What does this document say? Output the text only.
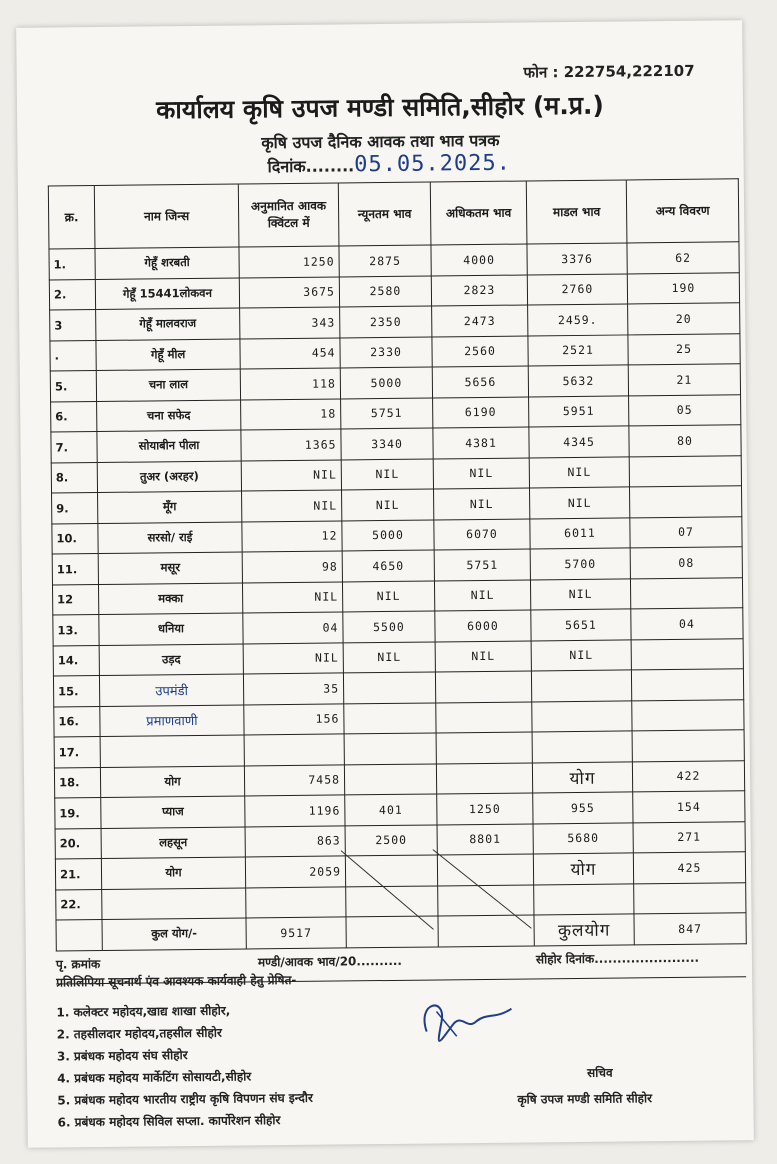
फोन : 222754,222107
कार्यालय कृषि उपज मण्डी समिति,सीहोर (म.प्र.)
कृषि उपज दैनिक आवक तथा भाव पत्रक
दिनांक........05.05.2025.
क्र.	नाम जिन्स	अनुमानित आवक क्विंटल में	न्यूनतम भाव	अधिकतम भाव	माडल भाव	अन्य विवरण
1.	गेहूँ शरबती	1250	2875	4000	3376	62
2.	गेहूँ 15441लोकवन	3675	2580	2823	2760	190
3	गेहूँ मालवराज	343	2350	2473	2459.	20
.	गेहूँ मील	454	2330	2560	2521	25
5.	चना लाल	118	5000	5656	5632	21
6.	चना सफेद	18	5751	6190	5951	05
7.	सोयाबीन पीला	1365	3340	4381	4345	80
8.	तुअर (अरहर)	NIL	NIL	NIL	NIL	
9.	मूँग	NIL	NIL	NIL	NIL	
10.	सरसो/ राई	12	5000	6070	6011	07
11.	मसूर	98	4650	5751	5700	08
12	मक्का	NIL	NIL	NIL	NIL	
13.	धनिया	04	5500	6000	5651	04
14.	उड़द	NIL	NIL	NIL	NIL	
15.	उपमंडी	35				
16.	प्रमाणवाणी	156				
17.						
18.	योग	7458			योग	422
19.	प्याज	1196	401	1250	955	154
20.	लहसून	863	2500	8801	5680	271
21.	योग	2059			योग	425
22.						
	कुल योग/-	9517			कुलयोग	847
पृ. क्रमांक	मण्डी/आवक भाव/20..........	सीहोर दिनांक.......................
प्रतिलिपिया सूचनार्थ एंव आवश्यक कार्यवाही हेतु प्रेषित-
1. कलेक्टर महोदय,खाद्य शाखा सीहोर,
2. तहसीलदार महोदय,तहसील सीहोर
3. प्रबंधक महोदय संघ सीहोर
4. प्रबंधक महोदय मार्केटिंग सोसायटी,सीहोर
5. प्रबंधक महोदय भारतीय राष्ट्रीय कृषि विपणन संघ इन्दौर
6. प्रबंधक महोदय सिविल सप्ला. कार्पोरेशन सीहोर
सचिव
कृषि उपज मण्डी समिति सीहोर
